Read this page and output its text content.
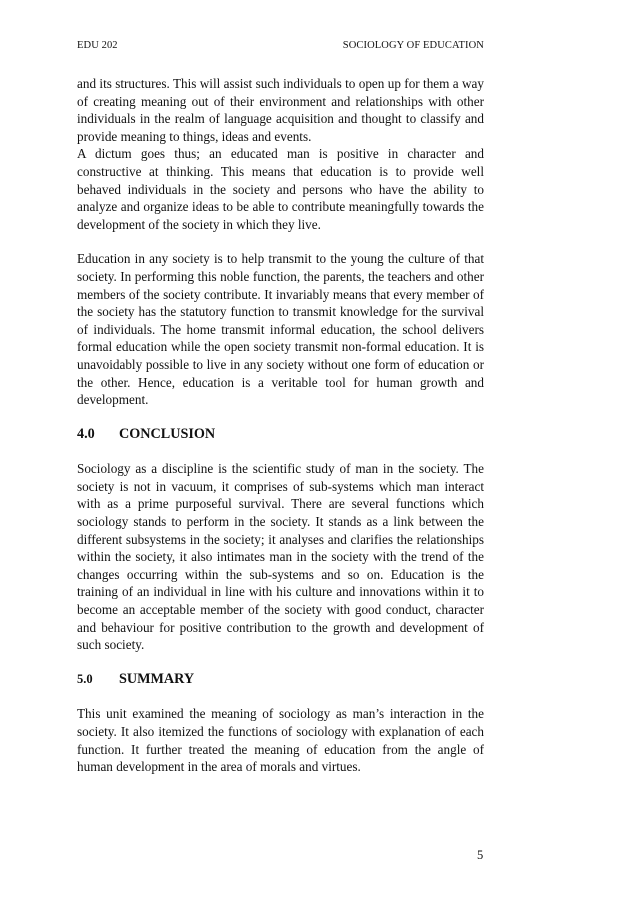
EDU 202	SOCIOLOGY OF EDUCATION

and its structures. This will assist such individuals to open up for them a way of creating meaning out of their environment and relationships with other individuals in the realm of language acquisition and thought to classify and provide meaning to things, ideas and events.

A dictum goes thus; an educated man is positive in character and constructive at thinking. This means that education is to provide well behaved individuals in the society and persons who have the ability to analyze and organize ideas to be able to contribute meaningfully towards the development of the society in which they live.

Education in any society is to help transmit to the young the culture of that society. In performing this noble function, the parents, the teachers and other members of the society contribute. It invariably means that every member of the society has the statutory function to transmit knowledge for the survival of individuals. The home transmit informal education, the school delivers formal education while the open society transmit non-formal education. It is unavoidably possible to live in any society without one form of education or the other. Hence, education is a veritable tool for human growth and development.

4.0	CONCLUSION

Sociology as a discipline is the scientific study of man in the society. The society is not in vacuum, it comprises of sub-systems which man interact with as a prime purposeful survival. There are several functions which sociology stands to perform in the society. It stands as a link between the different subsystems in the society; it analyses and clarifies the relationships within the society, it also intimates man in the society with the trend of the changes occurring within the sub-systems and so on. Education is the training of an individual in line with his culture and innovations within it to become an acceptable member of the society with good conduct, character and behaviour for positive contribution to the growth and development of such society.

5.0	SUMMARY

This unit examined the meaning of sociology as man’s interaction in the society. It also itemized the functions of sociology with explanation of each function. It further treated the meaning of education from the angle of human development in the area of morals and virtues.

5
